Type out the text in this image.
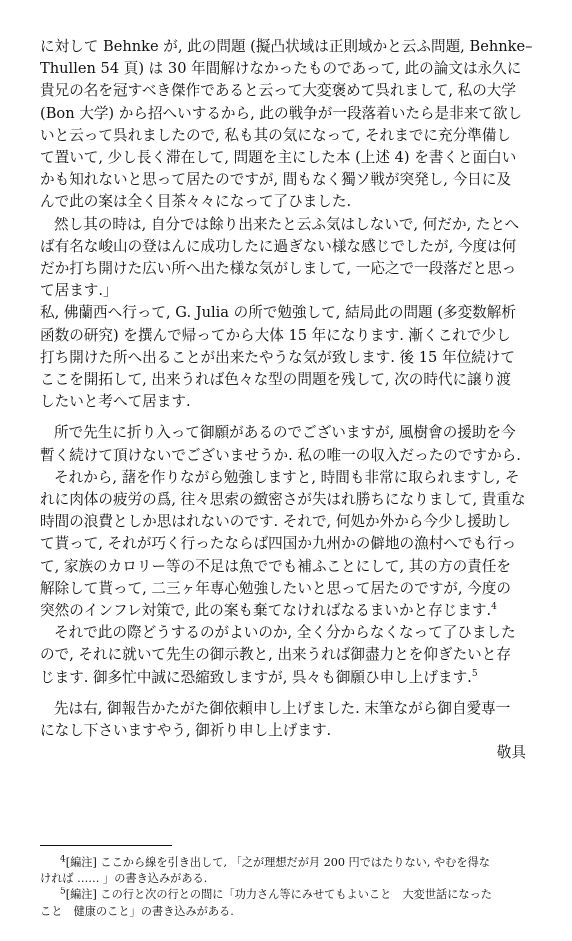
に対して Behnke が, 此の問題 (擬凸状域は正則域かと云ふ問題, Behnke–
Thullen 54 頁) は 30 年間解けなかったものであって, 此の論文は永久に
貴兄の名を冠すべき傑作であると云って大変褒めて呉れまして, 私の大学
(Bon 大学) から招へいするから, 此の戦争が一段落着いたら是非来て欲し
いと云って呉れましたので, 私も其の気になって, それまでに充分準備し
て置いて, 少し長く滞在して, 問題を主にした本 (上述 4) を書くと面白い
かも知れないと思って居たのですが, 間もなく獨ソ戦が突発し, 今日に及
んで此の案は全く目茶々々になって了ひました.
然し其の時は, 自分では餘り出来たと云ふ気はしないで, 何だか, たとへ
ば有名な峻山の登はんに成功したに過ぎない様な感じでしたが, 今度は何
だか打ち開けた広い所へ出た様な気がしまして, 一応之で一段落だと思っ
て居ます.」
私, 佛蘭西へ行って, G. Julia の所で勉強して, 結局此の問題 (多変数解析
函数の研究) を撰んで帰ってから大体 15 年になります. 漸くこれで少し
打ち開けた所へ出ることが出来たやうな気が致します. 後 15 年位続けて
ここを開拓して, 出来うれば色々な型の問題を残して, 次の時代に譲り渡
したいと考へて居ます.
所で先生に折り入って御願があるのでございますが, 風樹會の援助を今
暫く続けて頂けないでございませうか. 私の唯一の収入だったのですから.
それから, 藷を作りながら勉強しますと, 時間も非常に取られますし, そ
れに肉体の疲労の爲, 往々思索の緻密さが失はれ勝ちになりまして, 貴重な
時間の浪費としか思はれないのです. それで, 何処か外から今少し援助し
て貰って, それが巧く行ったならば四国か九州かの僻地の漁村へでも行っ
て, 家族のカロリー等の不足は魚ででも補ふことにして, 其の方の責任を
解除して貰って, 二三ヶ年専心勉強したいと思って居たのですが, 今度の
突然のインフレ対策で, 此の案も棄てなければなるまいかと存じます.$^4$
それで此の際どうするのがよいのか, 全く分からなくなって了ひました
ので, それに就いて先生の御示教と, 出来うれば御盡力とを仰ぎたいと存
じます. 御多忙中誠に恐縮致しますが, 呉々も御願ひ申し上げます.$^5$
先は右, 御報告かたがた御依頼申し上げました. 末筆ながら御自愛専一
になし下さいますやう, 御祈り申し上げます.
敬具
$^4$[編注] ここから線を引き出して, 「之が理想だが月 200 円ではたりない, やむを得な
ければ …… 」の書き込みがある.
$^5$[編注] この行と次の行との間に「功力さん等にみせてもよいこと　大変世話になった
こと　健康のこと」の書き込みがある.
